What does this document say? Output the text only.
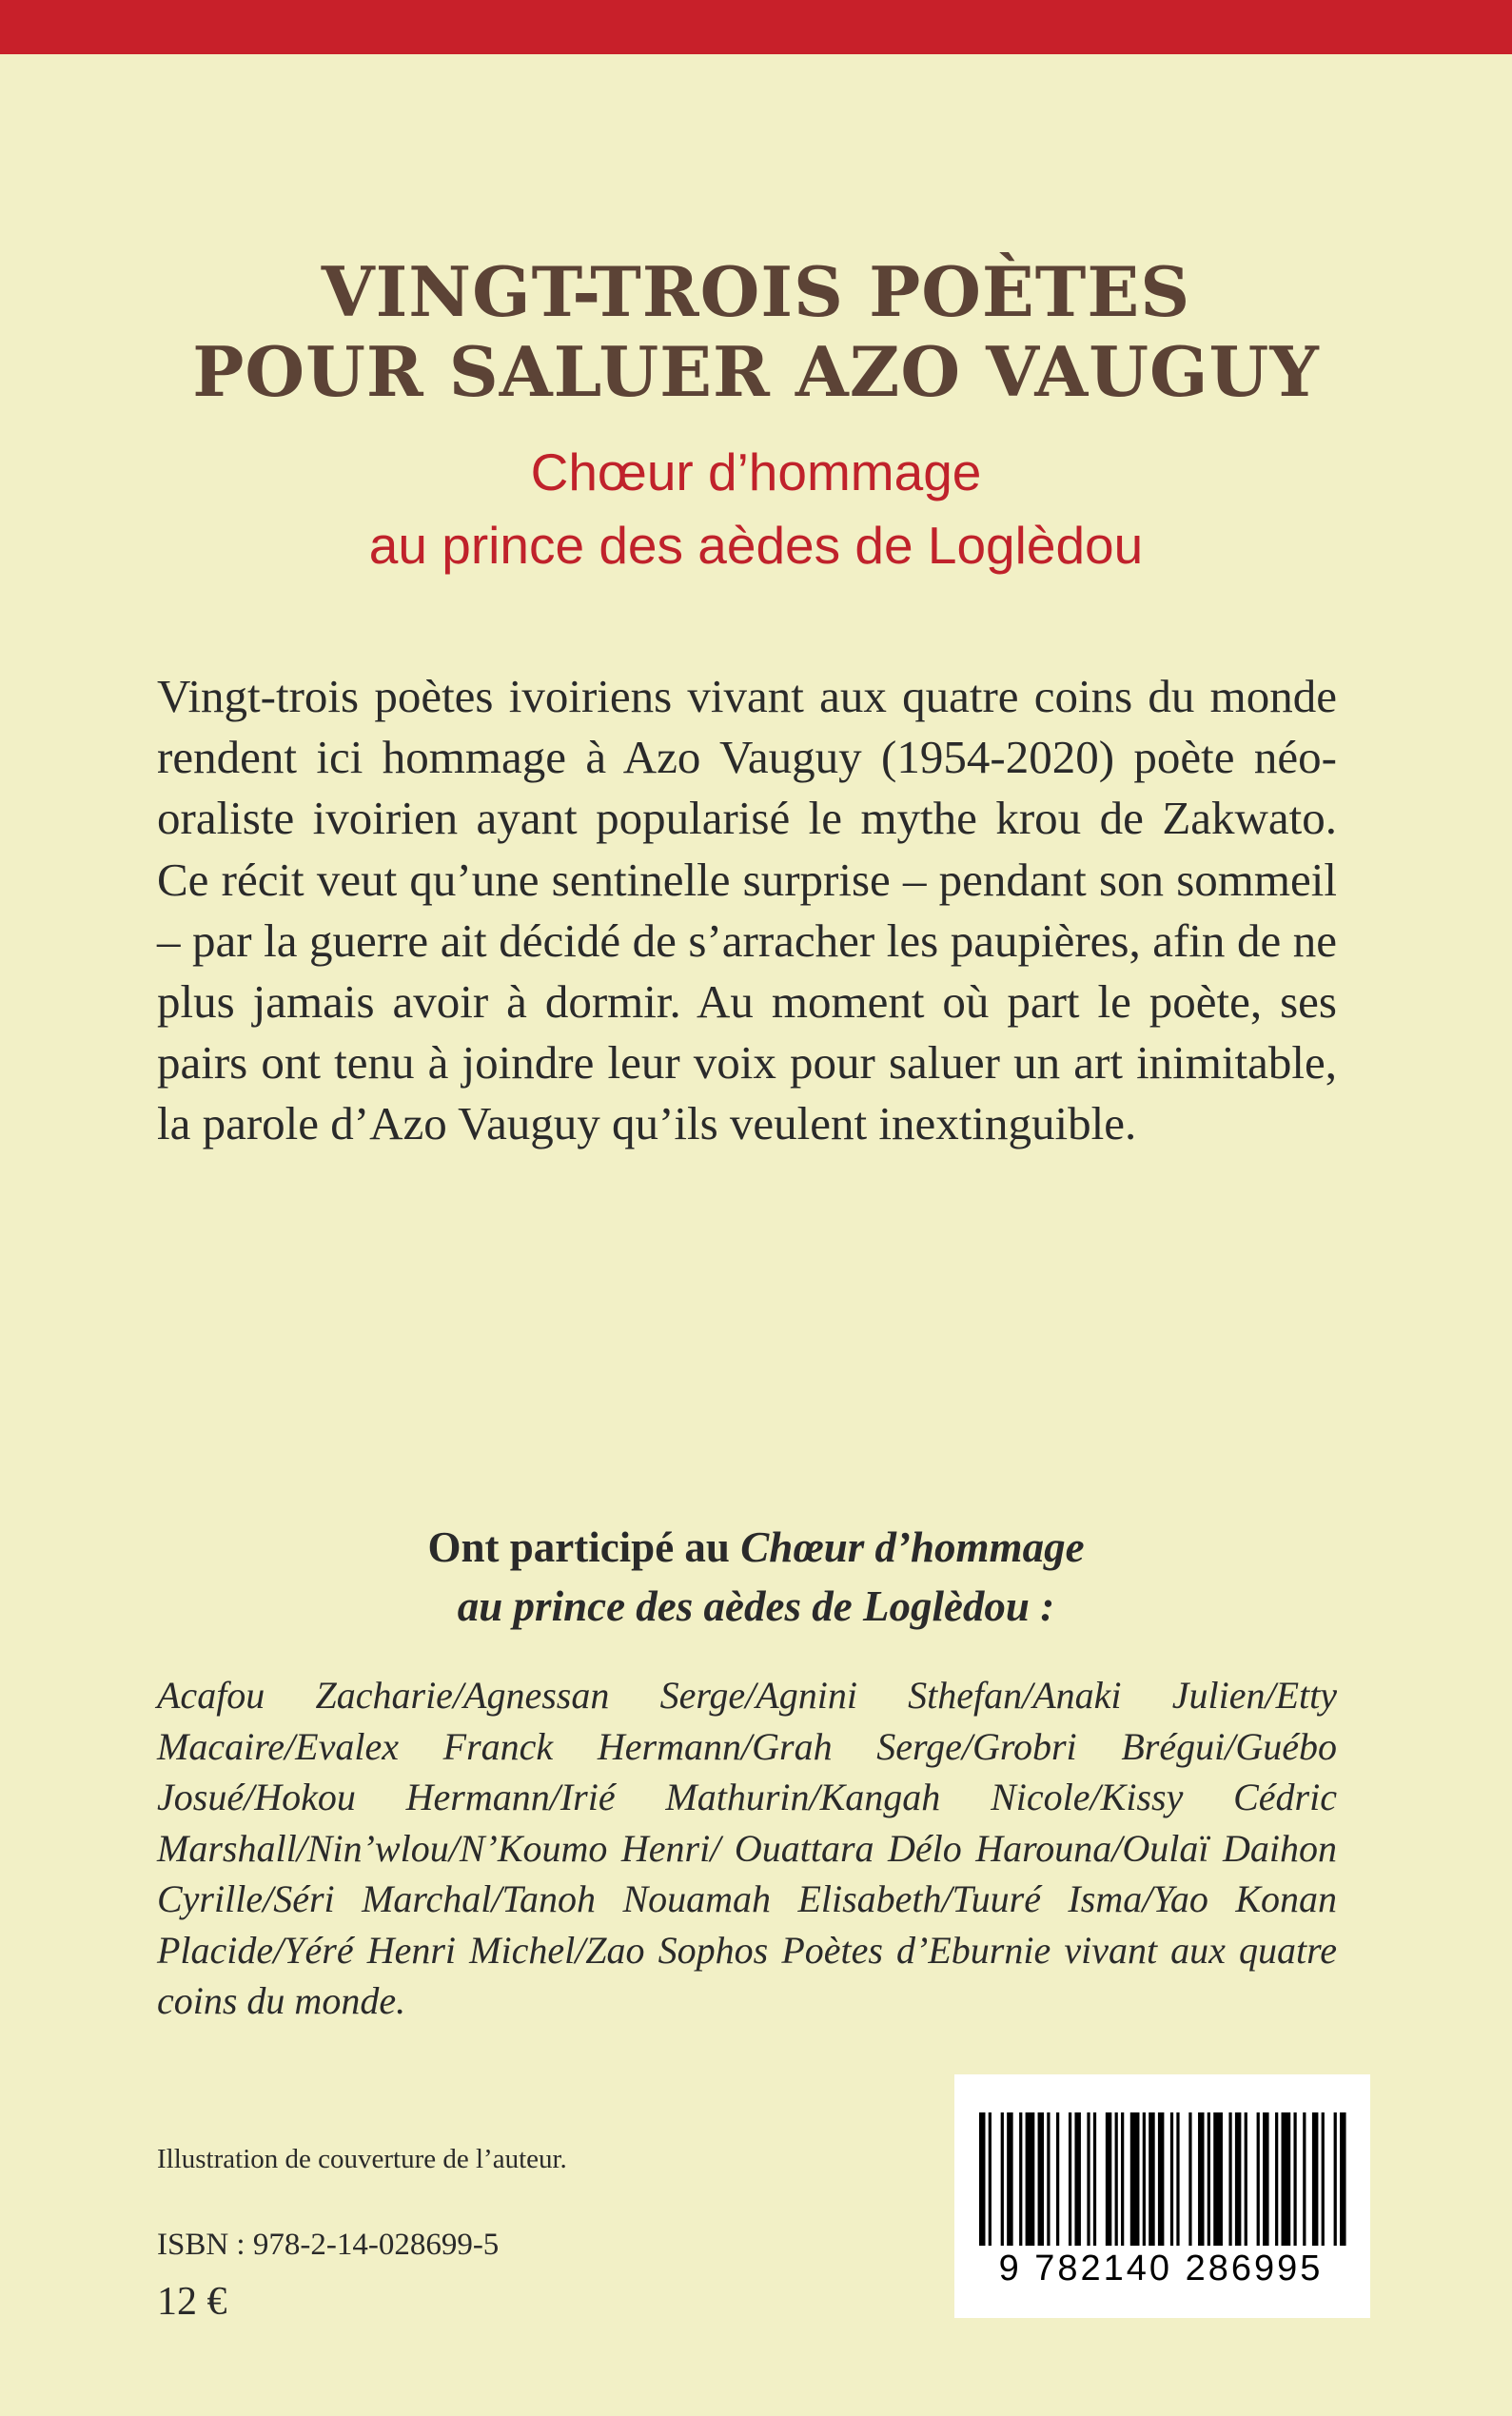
VINGT-TROIS POÈTES
POUR SALUER AZO VAUGUY
Chœur d’hommage
au prince des aèdes de Loglèdou
Vingt-trois poètes ivoiriens vivant aux quatre coins du monde rendent ici hommage à Azo Vauguy (1954-2020) poète néo-oraliste ivoirien ayant popularisé le mythe krou de Zakwato. Ce récit veut qu’une sentinelle surprise – pendant son sommeil – par la guerre ait décidé de s’arracher les paupières, afin de ne plus jamais avoir à dormir. Au moment où part le poète, ses pairs ont tenu à joindre leur voix pour saluer un art inimitable, la parole d’Azo Vauguy qu’ils veulent inextinguible.
Ont participé au Chœur d’hommage
au prince des aèdes de Loglèdou :
Acafou Zacharie/Agnessan Serge/Agnini Sthefan/Anaki Julien/Etty Macaire/Evalex Franck Hermann/Grah Serge/Grobri Brégui/Guébo Josué/Hokou Hermann/Irié Mathurin/Kangah Nicole/Kissy Cédric Marshall/Nin’wlou/N’Koumo Henri/ Ouattara Délo Harouna/Oulaï Daihon Cyrille/Séri Marchal/Tanoh Nouamah Elisabeth/Tuuré Isma/Yao Konan Placide/Yéré Henri Michel/Zao Sophos Poètes d’Eburnie vivant aux quatre coins du monde.
Illustration de couverture de l’auteur.
ISBN : 978-2-14-028699-5
12 €
9 782140 286995
